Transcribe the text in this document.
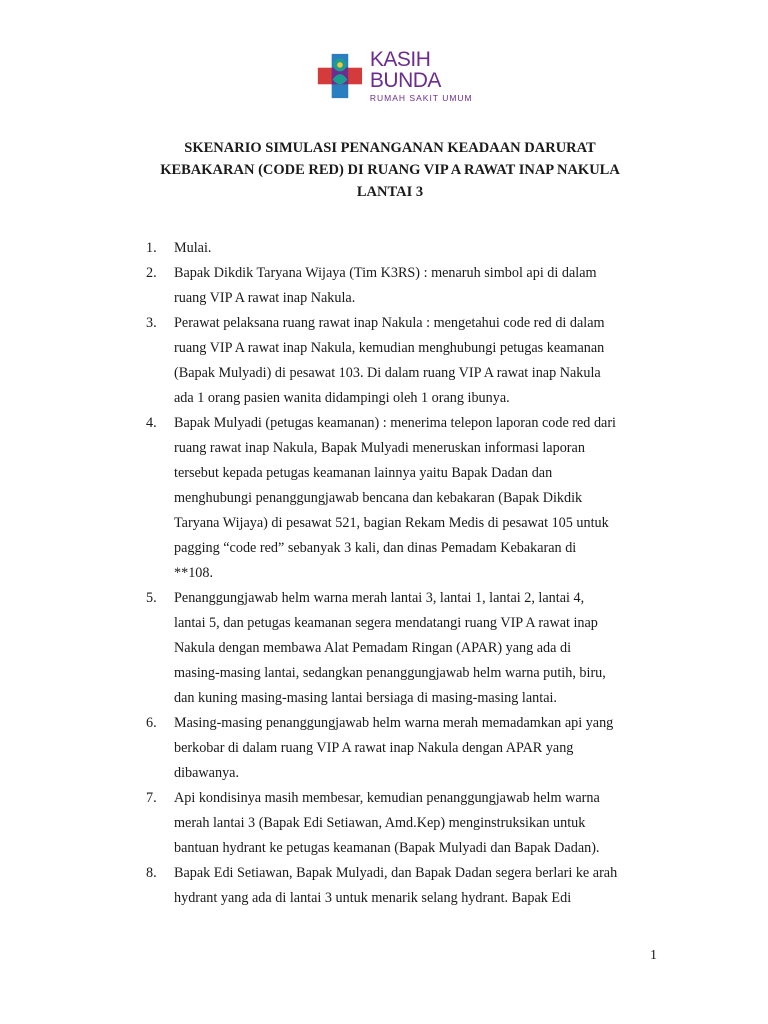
KASIH BUNDA
RUMAH SAKIT UMUM
SKENARIO SIMULASI PENANGANAN KEADAAN DARURAT
KEBAKARAN (CODE RED) DI RUANG VIP A RAWAT INAP NAKULA
LANTAI 3
1. Mulai.
2. Bapak Dikdik Taryana Wijaya (Tim K3RS) : menaruh simbol api di dalam
ruang VIP A rawat inap Nakula.
3. Perawat pelaksana ruang rawat inap Nakula : mengetahui code red di dalam
ruang VIP A rawat inap Nakula, kemudian menghubungi petugas keamanan
(Bapak Mulyadi) di pesawat 103. Di dalam ruang VIP A rawat inap Nakula
ada 1 orang pasien wanita didampingi oleh 1 orang ibunya.
4. Bapak Mulyadi (petugas keamanan) : menerima telepon laporan code red dari
ruang rawat inap Nakula, Bapak Mulyadi meneruskan informasi laporan
tersebut kepada petugas keamanan lainnya yaitu Bapak Dadan dan
menghubungi penanggungjawab bencana dan kebakaran (Bapak Dikdik
Taryana Wijaya) di pesawat 521, bagian Rekam Medis di pesawat 105 untuk
pagging “code red” sebanyak 3 kali, dan dinas Pemadam Kebakaran di
**108.
5. Penanggungjawab helm warna merah lantai 3, lantai 1, lantai 2, lantai 4,
lantai 5, dan petugas keamanan segera mendatangi ruang VIP A rawat inap
Nakula dengan membawa Alat Pemadam Ringan (APAR) yang ada di
masing-masing lantai, sedangkan penanggungjawab helm warna putih, biru,
dan kuning masing-masing lantai bersiaga di masing-masing lantai.
6. Masing-masing penanggungjawab helm warna merah memadamkan api yang
berkobar di dalam ruang VIP A rawat inap Nakula dengan APAR yang
dibawanya.
7. Api kondisinya masih membesar, kemudian penanggungjawab helm warna
merah lantai 3 (Bapak Edi Setiawan, Amd.Kep) menginstruksikan untuk
bantuan hydrant ke petugas keamanan (Bapak Mulyadi dan Bapak Dadan).
8. Bapak Edi Setiawan, Bapak Mulyadi, dan Bapak Dadan segera berlari ke arah
hydrant yang ada di lantai 3 untuk menarik selang hydrant. Bapak Edi
1
